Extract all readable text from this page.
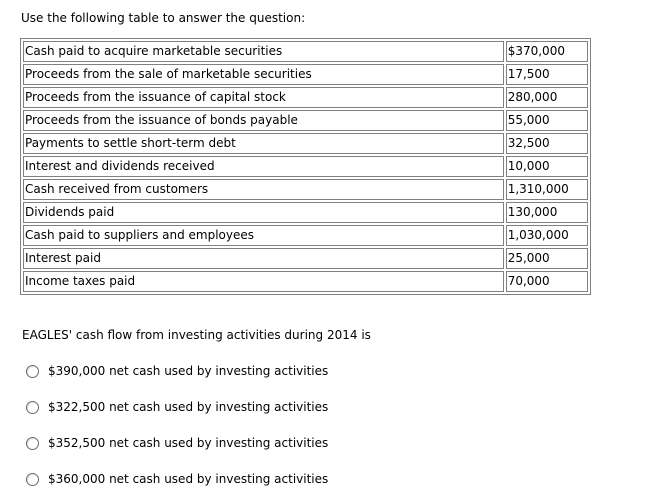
Use the following table to answer the question:
Cash paid to acquire marketable securities	$370,000
Proceeds from the sale of marketable securities	17,500
Proceeds from the issuance of capital stock	280,000
Proceeds from the issuance of bonds payable	55,000
Payments to settle short-term debt	32,500
Interest and dividends received	10,000
Cash received from customers	1,310,000
Dividends paid	130,000
Cash paid to suppliers and employees	1,030,000
Interest paid	25,000
Income taxes paid	70,000
EAGLES' cash flow from investing activities during 2014 is
$390,000 net cash used by investing activities
$322,500 net cash used by investing activities
$352,500 net cash used by investing activities
$360,000 net cash used by investing activities
